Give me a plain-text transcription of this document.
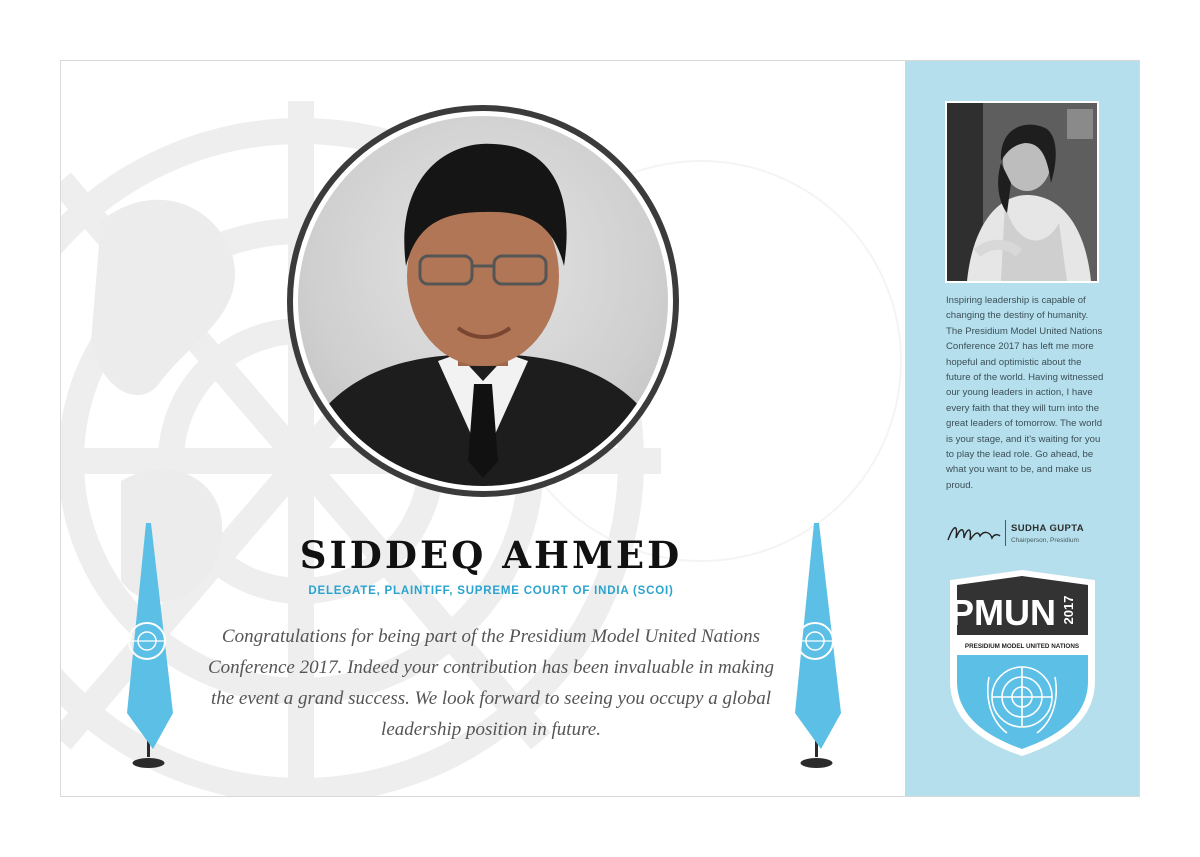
SIDDEQ AHMED
DELEGATE, PLAINTIFF, SUPREME COURT OF INDIA (SCOI)
Congratulations for being part of the Presidium Model United Nations Conference 2017. Indeed your contribution has been invaluable in making the event a grand success. We look forward to seeing you occupy a global leadership position in future.
Inspiring leadership is capable of changing the destiny of humanity. The Presidium Model United Nations Conference 2017 has left me more hopeful and optimistic about the future of the world. Having witnessed our young leaders in action, I have every faith that they will turn into the great leaders of tomorrow. The world is your stage, and it's waiting for you to play the lead role. Go ahead, be what you want to be, and make us proud.
SUDHA GUPTA
Chairperson, Presidium
PMUN 2017
PRESIDIUM MODEL UNITED NATIONS
